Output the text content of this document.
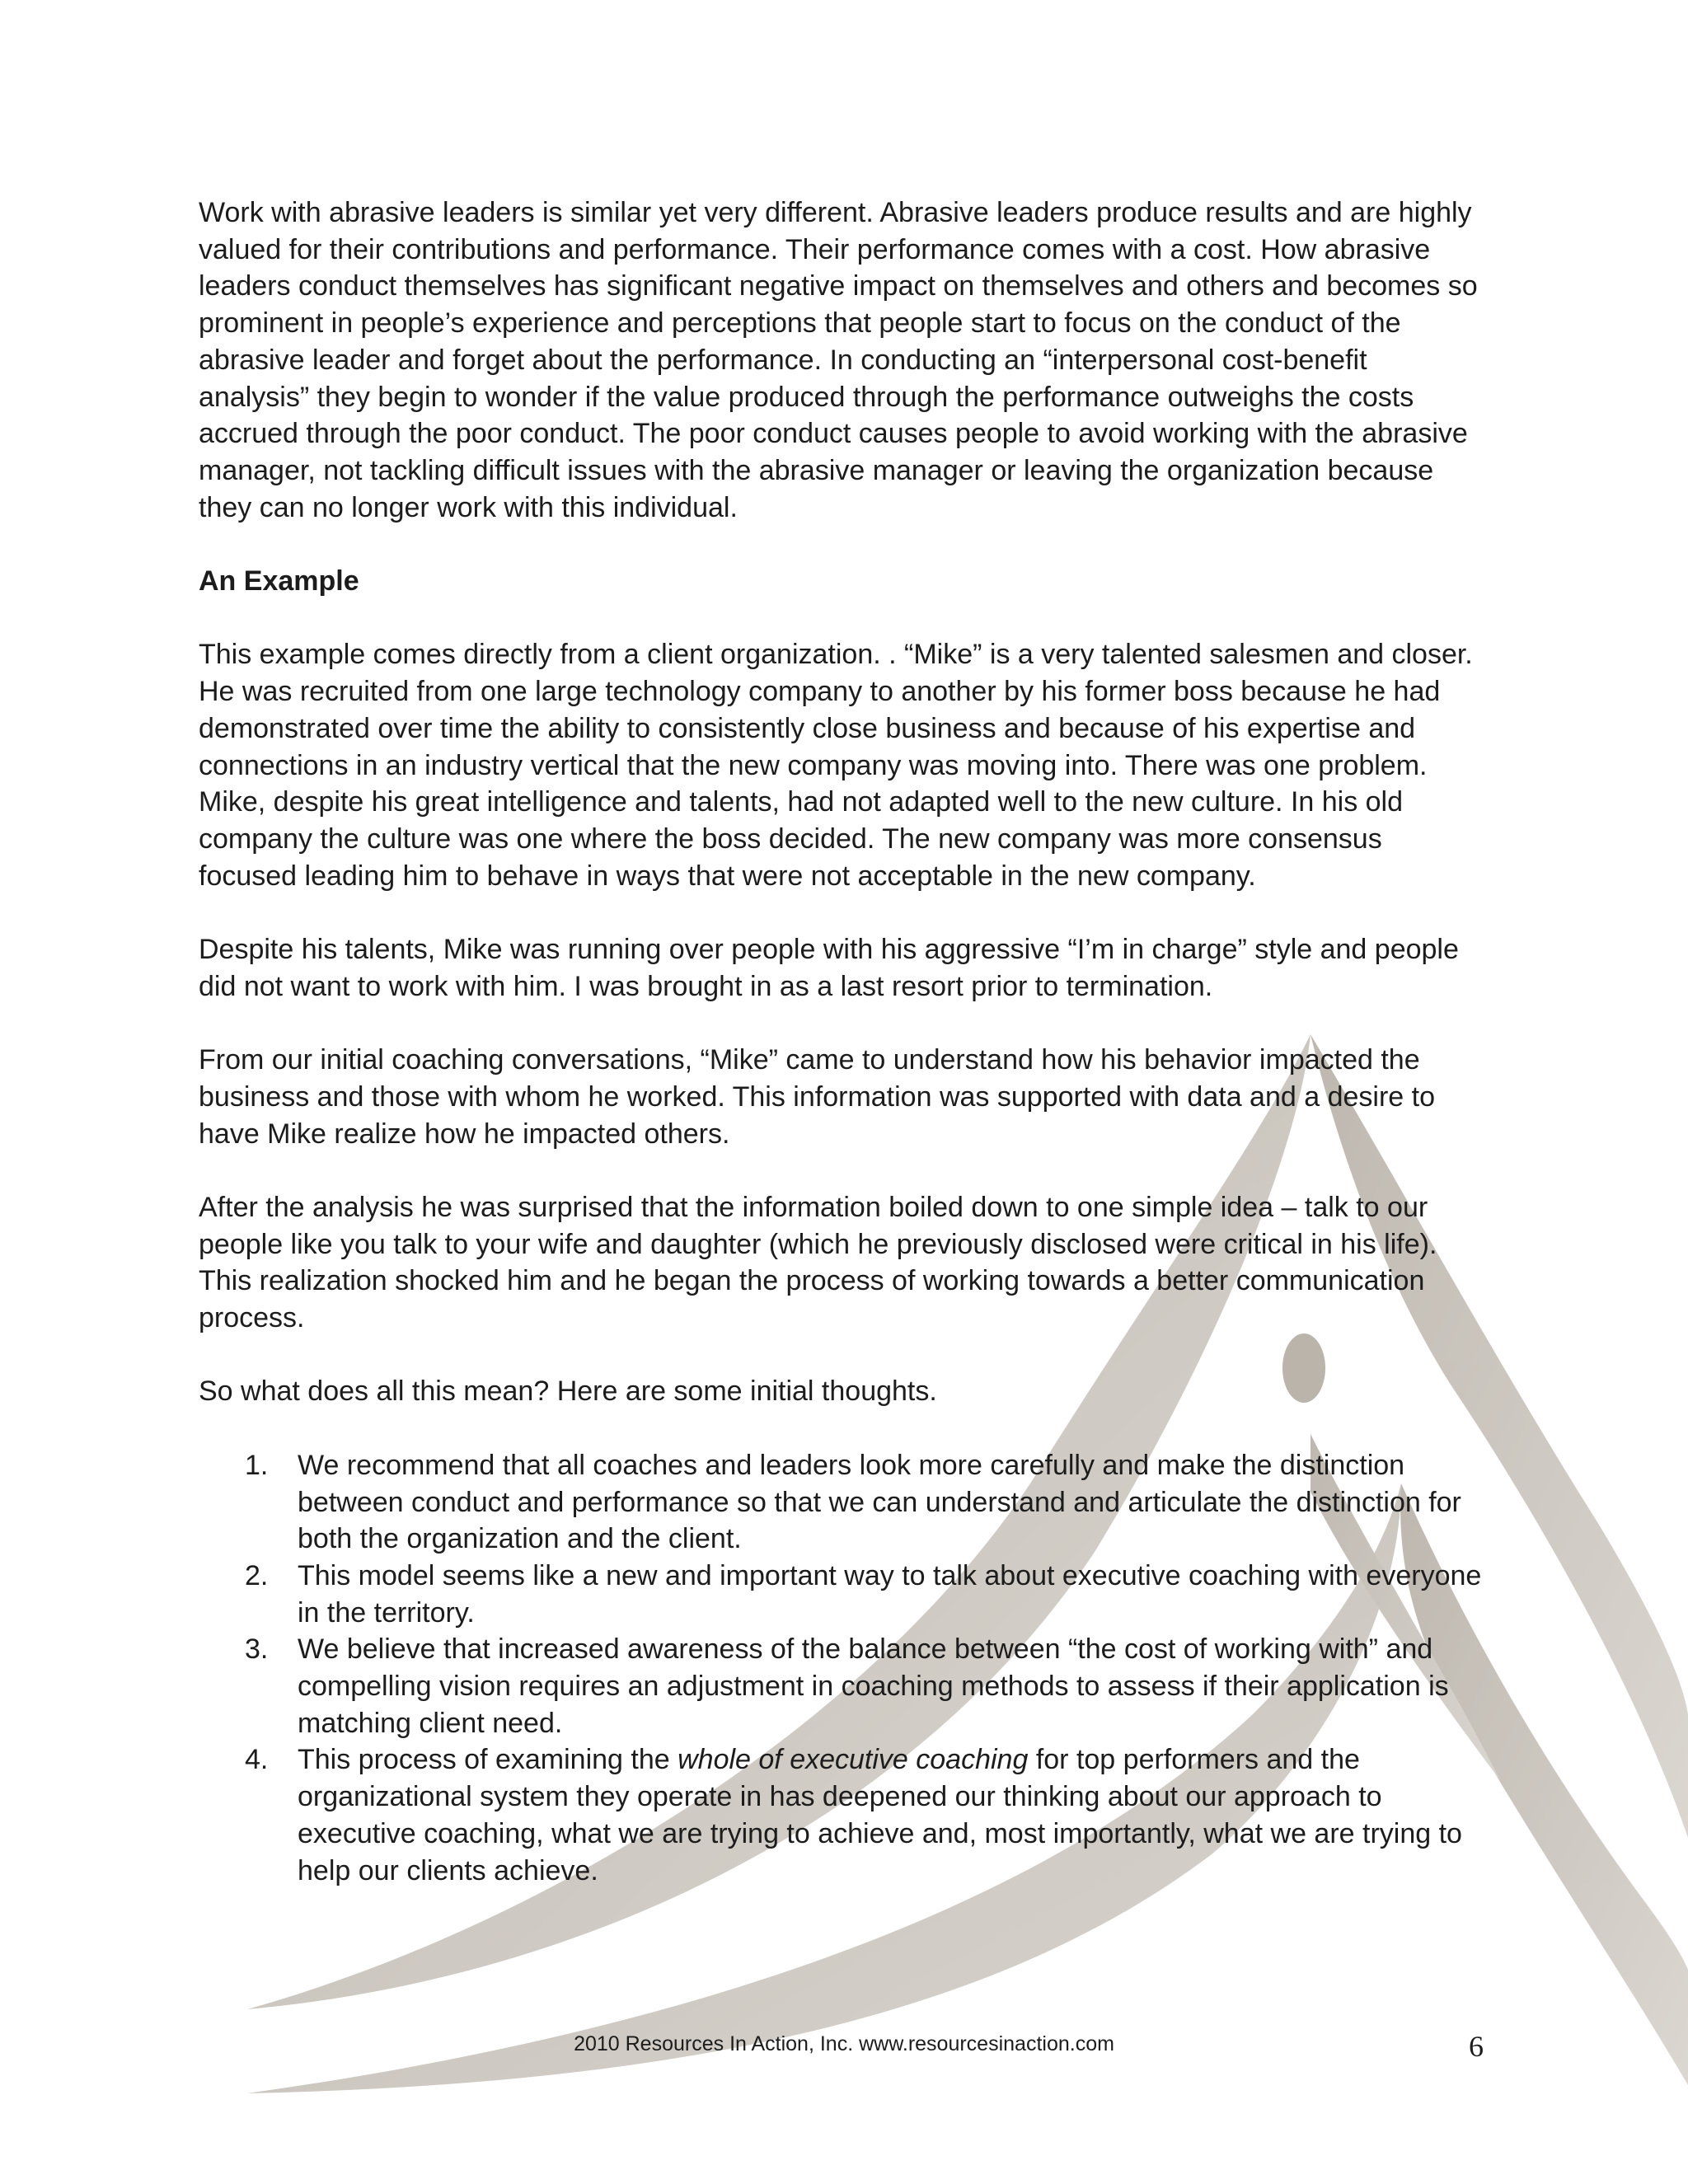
Work with abrasive leaders is similar yet very different. Abrasive leaders produce results and are highly valued for their contributions and performance. Their performance comes with a cost. How abrasive leaders conduct themselves has significant negative impact on themselves and others and becomes so prominent in people’s experience and perceptions that people start to focus on the conduct of the abrasive leader and forget about the performance. In conducting an “interpersonal cost-benefit analysis” they begin to wonder if the value produced through the performance outweighs the costs accrued through the poor conduct. The poor conduct causes people to avoid working with the abrasive manager, not tackling difficult issues with the abrasive manager or leaving the organization because they can no longer work with this individual.

An Example

This example comes directly from a client organization. . “Mike” is a very talented salesmen and closer. He was recruited from one large technology company to another by his former boss because he had demonstrated over time the ability to consistently close business and because of his expertise and connections in an industry vertical that the new company was moving into. There was one problem. Mike, despite his great intelligence and talents, had not adapted well to the new culture. In his old company the culture was one where the boss decided. The new company was more consensus focused leading him to behave in ways that were not acceptable in the new company.

Despite his talents, Mike was running over people with his aggressive “I’m in charge” style and people did not want to work with him. I was brought in as a last resort prior to termination.

From our initial coaching conversations, “Mike” came to understand how his behavior impacted the business and those with whom he worked. This information was supported with data and a desire to have Mike realize how he impacted others.

After the analysis he was surprised that the information boiled down to one simple idea – talk to our people like you talk to your wife and daughter (which he previously disclosed were critical in his life). This realization shocked him and he began the process of working towards a better communication process.

So what does all this mean? Here are some initial thoughts.

1. We recommend that all coaches and leaders look more carefully and make the distinction between conduct and performance so that we can understand and articulate the distinction for both the organization and the client.
2. This model seems like a new and important way to talk about executive coaching with everyone in the territory.
3. We believe that increased awareness of the balance between “the cost of working with” and compelling vision requires an adjustment in coaching methods to assess if their application is matching client need.
4. This process of examining the whole of executive coaching for top performers and the organizational system they operate in has deepened our thinking about our approach to executive coaching, what we are trying to achieve and, most importantly, what we are trying to help our clients achieve.
2010 Resources In Action, Inc. www.resourcesinaction.com	6
